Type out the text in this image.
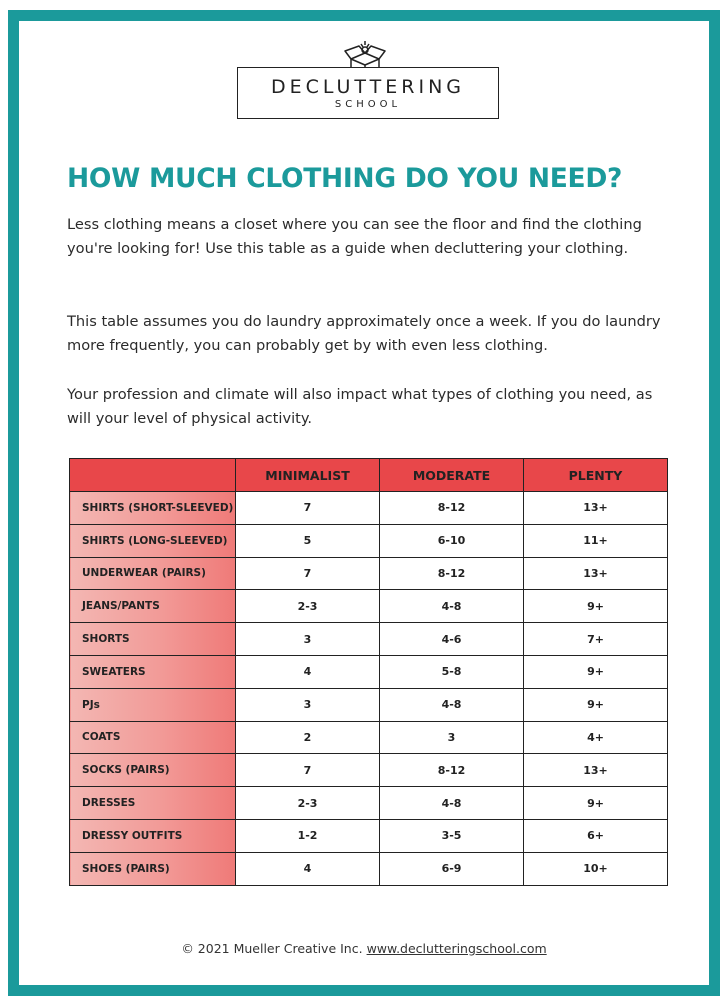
DECLUTTERING
SCHOOL
HOW MUCH CLOTHING DO YOU NEED?

Less clothing means a closet where you can see the floor and find the clothing you're looking for! Use this table as a guide when decluttering your clothing.

This table assumes you do laundry approximately once a week. If you do laundry more frequently, you can probably get by with even less clothing.

Your profession and climate will also impact what types of clothing you need, as will your level of physical activity.

	MINIMALIST	MODERATE	PLENTY
SHIRTS (SHORT-SLEEVED)	7	8-12	13+
SHIRTS (LONG-SLEEVED)	5	6-10	11+
UNDERWEAR (PAIRS)	7	8-12	13+
JEANS/PANTS	2-3	4-8	9+
SHORTS	3	4-6	7+
SWEATERS	4	5-8	9+
PJs	3	4-8	9+
COATS	2	3	4+
SOCKS (PAIRS)	7	8-12	13+
DRESSES	2-3	4-8	9+
DRESSY OUTFITS	1-2	3-5	6+
SHOES (PAIRS)	4	6-9	10+
© 2021 Mueller Creative Inc. www.declutteringschool.com
